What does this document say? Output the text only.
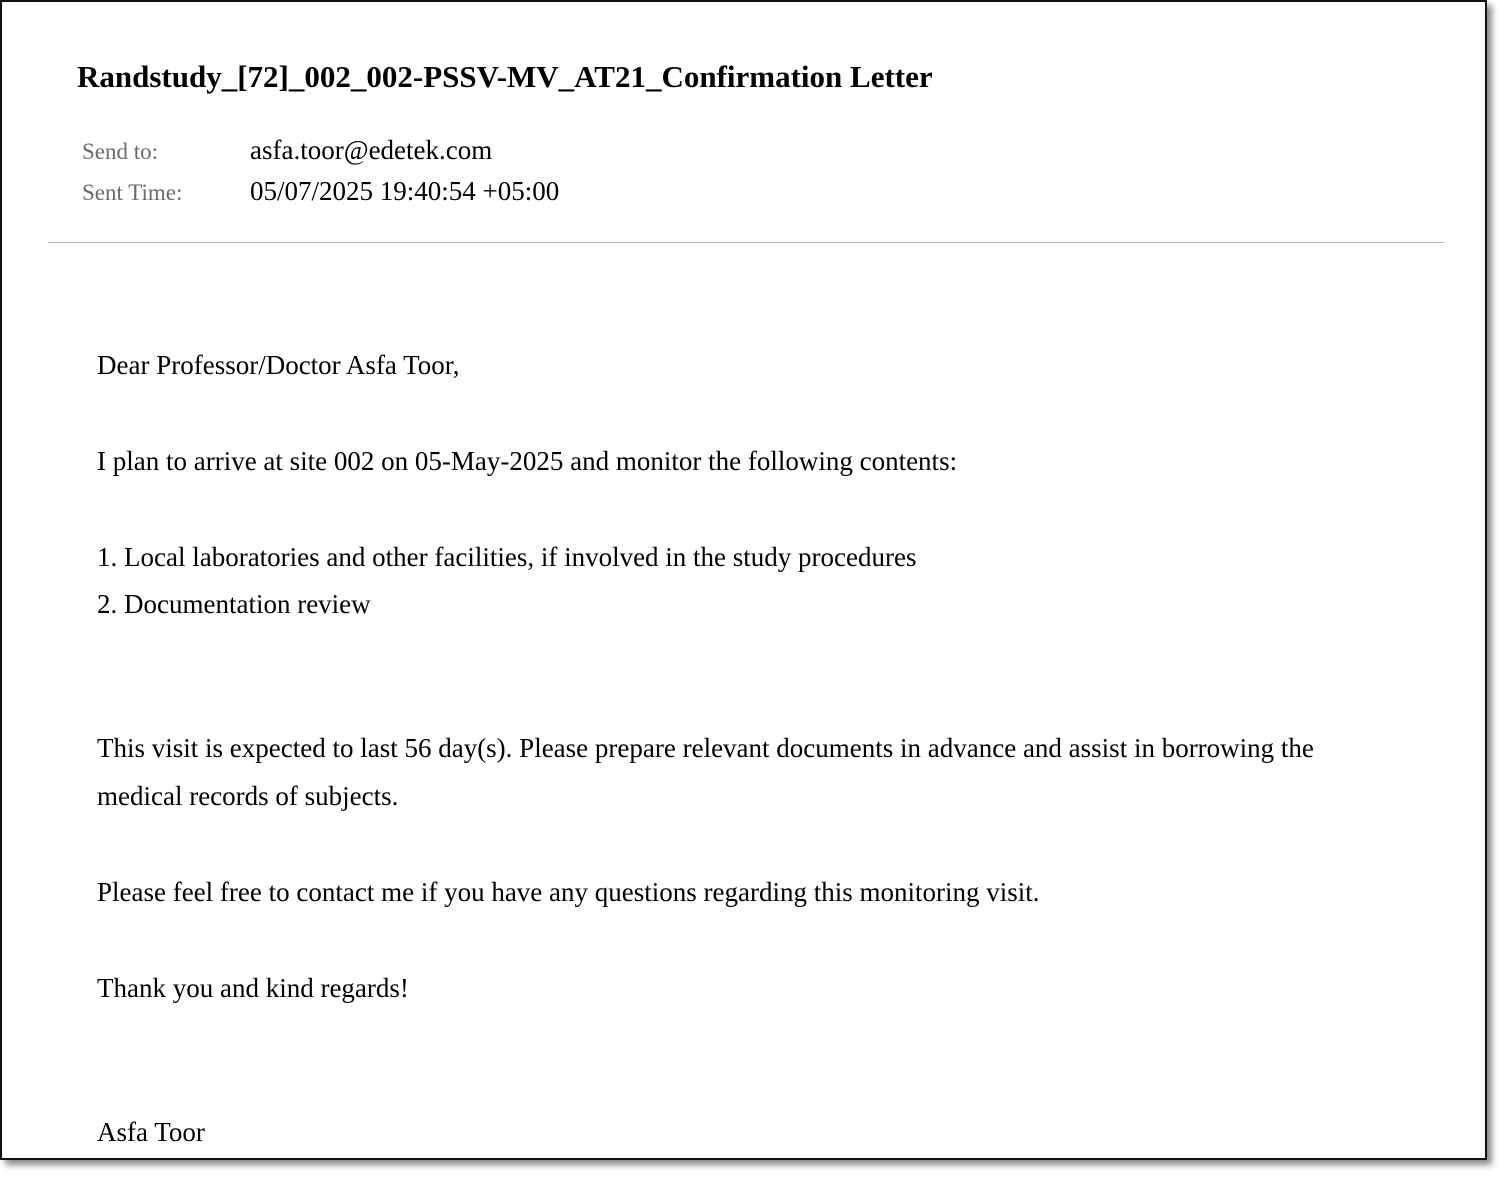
Randstudy_[72]_002_002-PSSV-MV_AT21_Confirmation Letter
Send to:	asfa.toor@edetek.com
Sent Time:	05/07/2025 19:40:54 +05:00

Dear Professor/Doctor Asfa Toor,

I plan to arrive at site 002 on 05-May-2025 and monitor the following contents:

1. Local laboratories and other facilities, if involved in the study procedures

2. Documentation review

This visit is expected to last 56 day(s). Please prepare relevant documents in advance and assist in borrowing the medical records of subjects.

Please feel free to contact me if you have any questions regarding this monitoring visit.

Thank you and kind regards!

Asfa Toor
